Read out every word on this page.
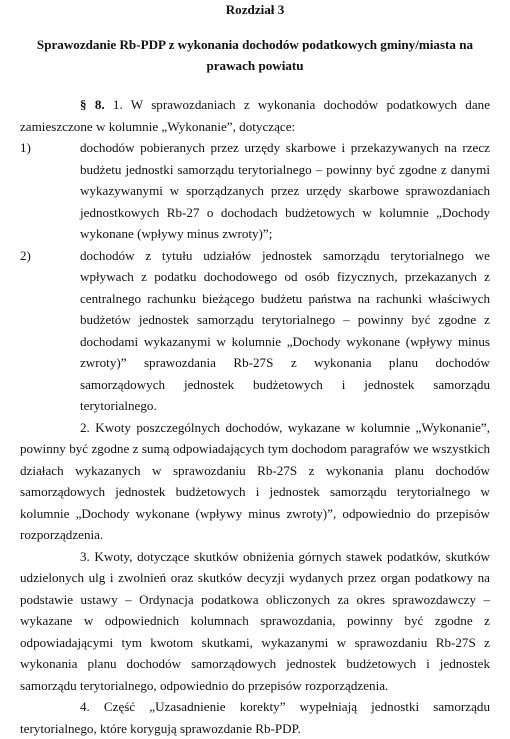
Rozdział 3
Sprawozdanie Rb-PDP z wykonania dochodów podatkowych gminy/miasta na prawach powiatu

§ 8. 1. W sprawozdaniach z wykonania dochodów podatkowych dane zamieszczone w kolumnie „Wykonanie”, dotyczące:

1)	dochodów pobieranych przez urzędy skarbowe i przekazywanych na rzecz budżetu jednostki samorządu terytorialnego – powinny być zgodne z danymi wykazywanymi w sporządzanych przez urzędy skarbowe sprawozdaniach jednostkowych Rb-27 o dochodach budżetowych w kolumnie „Dochody wykonane (wpływy minus zwroty)”;
2)	dochodów z tytułu udziałów jednostek samorządu terytorialnego we wpływach z podatku dochodowego od osób fizycznych, przekazanych z centralnego rachunku bieżącego budżetu państwa na rachunki właściwych budżetów jednostek samorządu terytorialnego – powinny być zgodne z dochodami wykazanymi w kolumnie „Dochody wykonane (wpływy minus zwroty)” sprawozdania Rb-27S z wykonania planu dochodów samorządowych jednostek budżetowych i jednostek samorządu terytorialnego.

2. Kwoty poszczególnych dochodów, wykazane w kolumnie „Wykonanie”, powinny być zgodne z sumą odpowiadających tym dochodom paragrafów we wszystkich działach wykazanych w sprawozdaniu Rb-27S z wykonania planu dochodów samorządowych jednostek budżetowych i jednostek samorządu terytorialnego w kolumnie „Dochody wykonane (wpływy minus zwroty)”, odpowiednio do przepisów rozporządzenia.

3. Kwoty, dotyczące skutków obniżenia górnych stawek podatków, skutków udzielonych ulg i zwolnień oraz skutków decyzji wydanych przez organ podatkowy na podstawie ustawy – Ordynacja podatkowa obliczonych za okres sprawozdawczy – wykazane w odpowiednich kolumnach sprawozdania, powinny być zgodne z odpowiadającymi tym kwotom skutkami, wykazanymi w sprawozdaniu Rb-27S z wykonania planu dochodów samorządowych jednostek budżetowych i jednostek samorządu terytorialnego, odpowiednio do przepisów rozporządzenia.

4. Część „Uzasadnienie korekty” wypełniają jednostki samorządu terytorialnego, które korygują sprawozdanie Rb-PDP.
